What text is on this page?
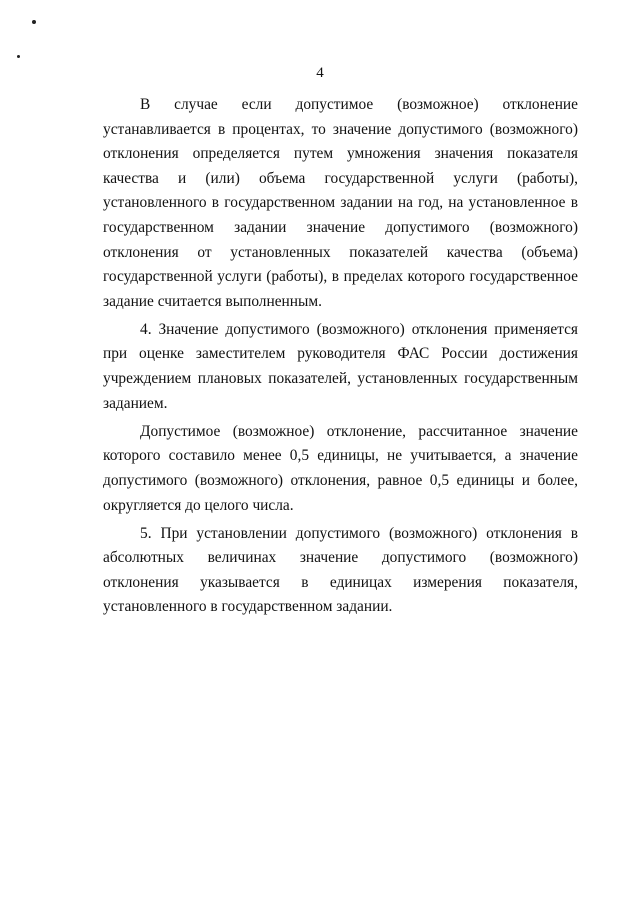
4

В случае если допустимое (возможное) отклонение устанавливается в процентах, то значение допустимого (возможного) отклонения определяется путем умножения значения показателя качества и (или) объема государственной услуги (работы), установленного в государственном задании на год, на установленное в государственном задании значение допустимого (возможного) отклонения от установленных показателей качества (объема) государственной услуги (работы), в пределах которого государственное задание считается выполненным.

4. Значение допустимого (возможного) отклонения применяется при оценке заместителем руководителя ФАС России достижения учреждением плановых показателей, установленных государственным заданием.

Допустимое (возможное) отклонение, рассчитанное значение которого составило менее 0,5 единицы, не учитывается, а значение допустимого (возможного) отклонения, равное 0,5 единицы и более, округляется до целого числа.

5. При установлении допустимого (возможного) отклонения в абсолютных величинах значение допустимого (возможного) отклонения указывается в единицах измерения показателя, установленного в государственном задании.
